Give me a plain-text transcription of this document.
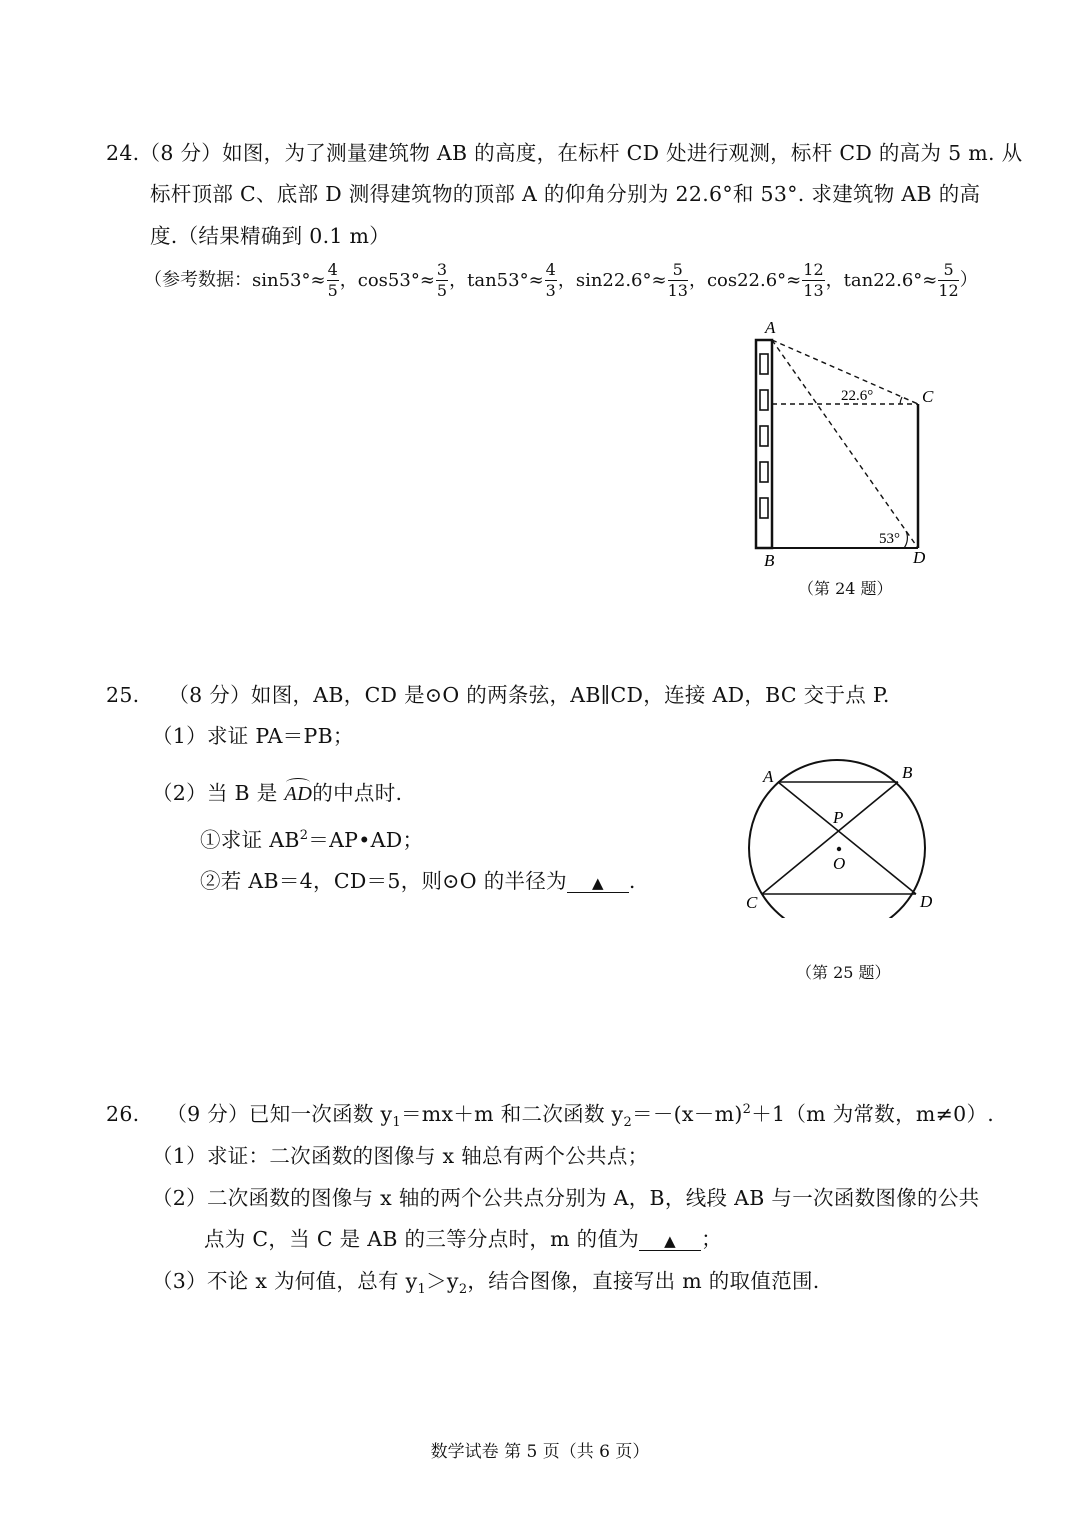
24.（8 分）如图，为了测量建筑物 AB 的高度，在标杆 CD 处进行观测，标杆 CD 的高为 5 m. 从
标杆顶部 C、底部 D 测得建筑物的顶部 A 的仰角分别为 22.6°和 53°. 求建筑物 AB 的高
度.（结果精确到 0.1 m）
（参考数据：$\sin 53^\circ\approx \frac{4}{5}$ ，$\cos 53^\circ\approx \frac{3}{5}$ ，$\tan 53^\circ\approx \frac{4}{3}$ ，$\sin 22.6^\circ\approx \frac{5}{13}$ ，$\cos 22.6^\circ\approx \frac{12}{13}$ ，$\tan 22.6^\circ\approx \frac{5}{12}$ ）
A
B
C
D
22.6°
53°
（第 24 题）
25. （8 分）如图，AB，CD 是⊙O 的两条弦，AB∥CD，连接 AD，BC 交于点 P.
（1）求证 PA＝PB；
（2）当 B 是 AD的中点时.
①求证 $AB^2=AP•AD$；
②若 AB＝4，CD＝5，则⊙O 的半径为 ▲ .
A	B
C	D
P
O
（第 25 题）
26. （9 分）已知一次函数 $y_1=mx+m$ 和二次函数 $y_2=-(x-m)^2+1(m$ 为常数，m≠0）.
（1）求证：二次函数的图像与 x 轴总有两个公共点；
（2）二次函数的图像与 x 轴的两个公共点分别为 A，B，线段 AB 与一次函数图像的公共
点为 C，当 C 是 AB 的三等分点时，m 的值为 ▲ ；
（3）不论 x 为何值，总有 $y_1>y_2$，结合图像，直接写出 m 的取值范围.
数学试卷 第 5 页（共 6 页）
